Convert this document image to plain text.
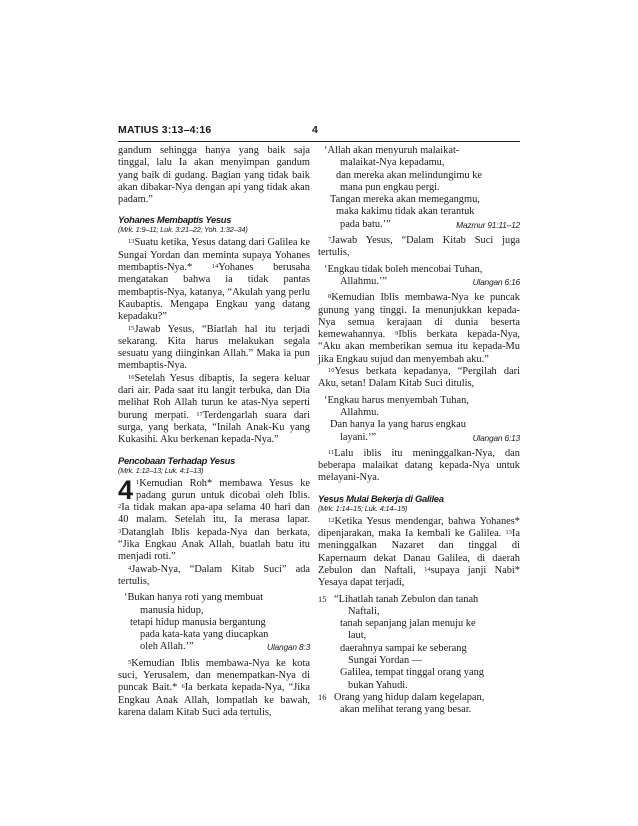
MATIUS 3:13–4:16	4

gandum sehingga hanya yang baik saja tinggal, lalu Ia akan menyimpan gandum yang baik di gudang. Bagian yang tidak baik akan dibakar-Nya dengan api yang tidak akan padam.”

Yohanes Membaptis Yesus
(Mrk. 1:9–11; Luk. 3:21–22; Yoh. 1:32–34)

$^{13}$Suatu ketika, Yesus datang dari Galilea ke Sungai Yordan dan meminta supaya Yohanes membaptis-Nya.*	$^{14}$Yohanes berusaha mengatakan bahwa ia tidak pantas membaptis-Nya, katanya, “Akulah yang perlu Kaubaptis. Mengapa Engkau yang datang kepadaku?”

$^{15}$Jawab Yesus, “Biarlah hal itu terjadi sekarang. Kita harus melakukan segala sesuatu yang diinginkan Allah.” Maka ia pun membaptis-Nya.

$^{16}$Setelah Yesus dibaptis, Ia segera keluar dari air. Pada saat itu langit terbuka, dan Dia melihat Roh Allah turun ke atas-Nya seperti burung merpati. $^{17}$Terdengarlah suara dari surga, yang berkata, “Inilah Anak-Ku yang Kukasihi. Aku berkenan kepada-Nya.”

Pencobaan Terhadap Yesus
(Mrk. 1:12–13; Luk. 4:1–13)

4 $^1$Kemudian Roh* membawa Yesus ke padang gurun untuk dicobai oleh Iblis. $^2$Ia tidak makan apa-apa selama 40 hari dan 40 malam. Setelah itu, Ia merasa lapar. $^3$Datanglah Iblis kepada-Nya dan berkata, “Jika Engkau Anak Allah, buatlah batu itu menjadi roti.”

$^4$Jawab-Nya, “Dalam Kitab Suci” ada tertulis,

‘Bukan hanya roti yang membuat
manusia hidup,
tetapi hidup manusia bergantung
pada kata-kata yang diucapkan
oleh Allah.’”	Ulangan 8:3

$^5$Kemudian Iblis membawa-Nya ke kota suci, Yerusalem, dan menempatkan-Nya di puncak Bait.* $^6$Ia berkata kepada-Nya, “Jika Engkau Anak Allah, lompatlah ke bawah, karena dalam Kitab Suci ada tertulis,

‘Allah akan menyuruh malaikat-
malaikat-Nya kepadamu,
dan mereka akan melindungimu ke
mana pun engkau pergi.
Tangan mereka akan memegangmu,
maka kakimu tidak akan terantuk
pada batu.’”	Mazmur 91:11–12

$^7$Jawab Yesus, “Dalam Kitab Suci juga tertulis,

‘Engkau tidak boleh mencobai Tuhan,
Allahmu.’”	Ulangan 6:16

$^8$Kemudian Iblis membawa-Nya ke puncak gunung yang tinggi. Ia menunjukkan kepada-Nya semua kerajaan di dunia beserta kemewahannya. $^9$Iblis berkata kepada-Nya, “Aku akan memberikan semua itu kepada-Mu jika Engkau sujud dan menyembah aku.”

$^{10}$Yesus berkata kepadanya, “Pergilah dari Aku, setan! Dalam Kitab Suci ditulis,

‘Engkau harus menyembah Tuhan,
Allahmu.
Dan hanya Ia yang harus engkau
layani.’”	Ulangan 6:13

$^{11}$Lalu iblis itu meninggalkan-Nya, dan beberapa malaikat datang kepada-Nya untuk melayani-Nya.

Yesus Mulai Bekerja di Galilea
(Mrk. 1:14–15; Luk. 4:14–15)

$^{12}$Ketika Yesus mendengar, bahwa Yohanes* dipenjarakan, maka Ia kembali ke Galilea. $^{13}$Ia meninggalkan Nazaret dan tinggal di Kapernaum dekat Danau Galilea, di daerah Zebulon dan Naftali, $^{14}$supaya janji Nabi* Yesaya dapat terjadi,

15 “Lihatlah tanah Zebulon dan tanah
Naftali,
tanah sepanjang jalan menuju ke
laut,
daerahnya sampai ke seberang
Sungai Yordan —
Galilea, tempat tinggal orang yang
bukan Yahudi.
16 Orang yang hidup dalam kegelapan,
akan melihat terang yang besar.
